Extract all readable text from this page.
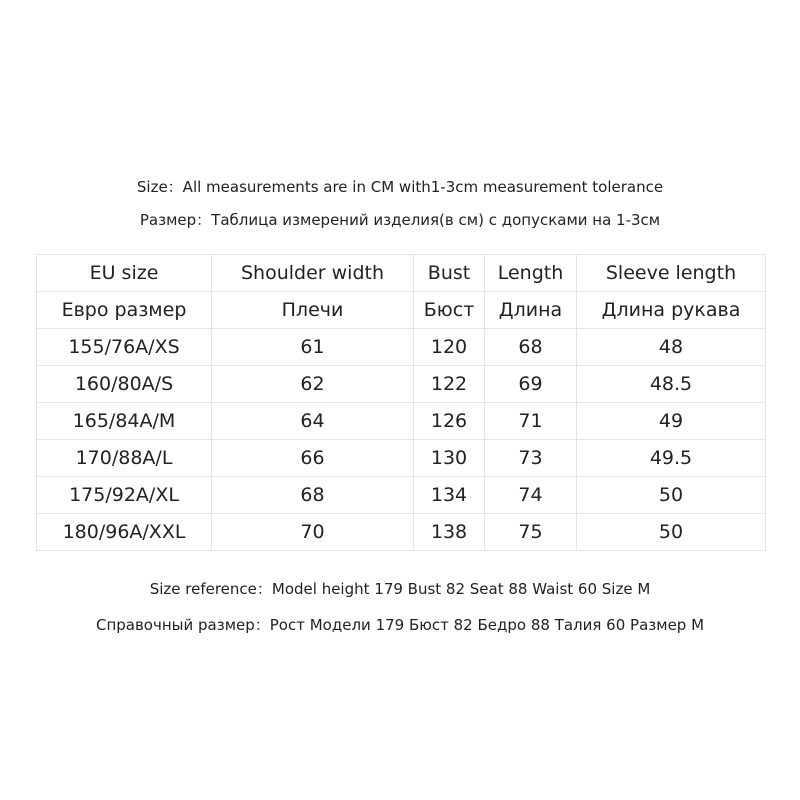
Size：All measurements are in CM with1-3cm measurement tolerance
Размер：Таблица измерений изделия(в см) с допусками на 1-3см
EU size	Shoulder width	Bust	Length	Sleeve length
Евро размер	Плечи	Бюст	Длина	Длина рукава
155/76A/XS	61	120	68	48
160/80A/S	62	122	69	48.5
165/84A/M	64	126	71	49
170/88A/L	66	130	73	49.5
175/92A/XL	68	134	74	50
180/96A/XXL	70	138	75	50
Size reference：Model height 179 Bust 82 Seat 88 Waist 60 Size M
Справочный размер：Рост Модели 179 Бюст 82 Бедро 88 Талия 60 Размер M
